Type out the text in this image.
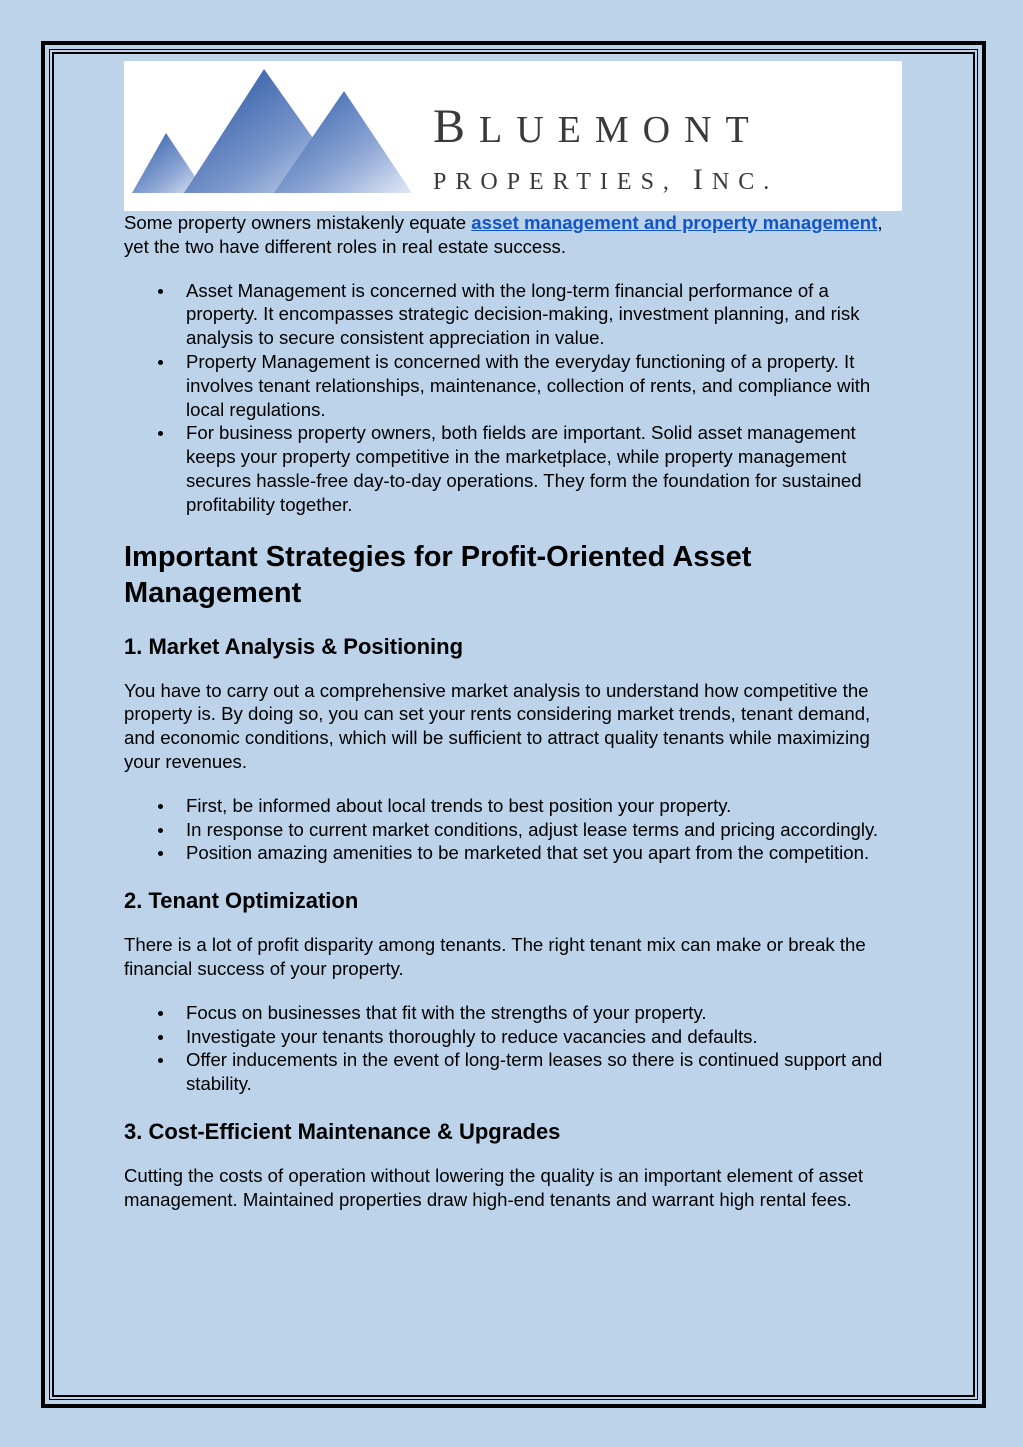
BLUEMONT
PROPERTIES, INC.

Some property owners mistakenly equate asset management and property management, yet the two have different roles in real estate success.

Asset Management is concerned with the long-term financial performance of a property. It encompasses strategic decision-making, investment planning, and risk analysis to secure consistent appreciation in value.
Property Management is concerned with the everyday functioning of a property. It involves tenant relationships, maintenance, collection of rents, and compliance with local regulations.
For business property owners, both fields are important. Solid asset management keeps your property competitive in the marketplace, while property management secures hassle-free day-to-day operations. They form the foundation for sustained profitability together.
Important Strategies for Profit-Oriented Asset Management
1. Market Analysis & Positioning

You have to carry out a comprehensive market analysis to understand how competitive the property is. By doing so, you can set your rents considering market trends, tenant demand, and economic conditions, which will be sufficient to attract quality tenants while maximizing your revenues.

First, be informed about local trends to best position your property.
In response to current market conditions, adjust lease terms and pricing accordingly.
Position amazing amenities to be marketed that set you apart from the competition.
2. Tenant Optimization

There is a lot of profit disparity among tenants. The right tenant mix can make or break the financial success of your property.

Focus on businesses that fit with the strengths of your property.
Investigate your tenants thoroughly to reduce vacancies and defaults.
Offer inducements in the event of long-term leases so there is continued support and stability.
3. Cost-Efficient Maintenance & Upgrades

Cutting the costs of operation without lowering the quality is an important element of asset management. Maintained properties draw high-end tenants and warrant high rental fees.
